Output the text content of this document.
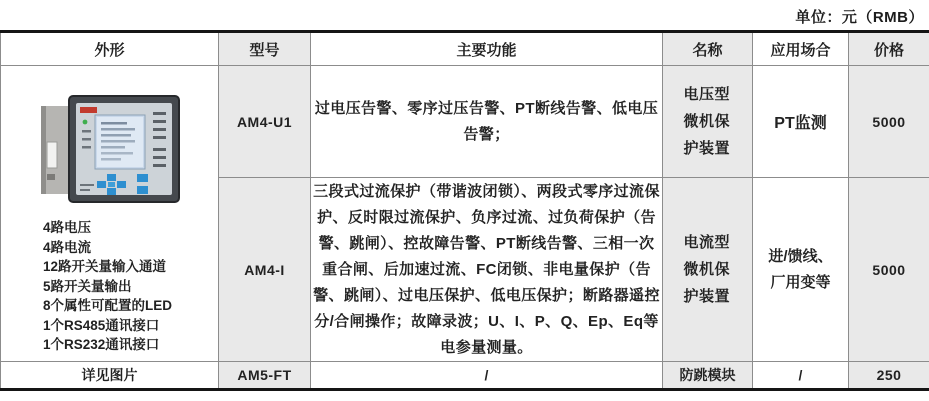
单位：元（RMB）
外形	型号	主要功能	名称	应用场合	价格

4路电压
4路电流
12路开关量输入通道
5路开关量输出
8个属性可配置的LED
1个RS485通讯接口
1个RS232通讯接口
	AM4-U1	过电压告警、零序过压告警、PT断线告警、低电压告警；	电压型微机保护装置	PT监测	5000
	AM4-I	三段式过流保护（带谐波闭锁）、两段式零序过流保护、反时限过流保护、负序过流、过负荷保护（告警、跳闸）、控故障告警、PT断线告警、三相一次重合闸、后加速过流、FC闭锁、非电量保护（告警、跳闸）、过电压保护、低电压保护；断路器遥控分/合闸操作；故障录波；U、I、P、Q、Ep、Eq等电参量测量。	电流型微机保护装置	进/馈线、厂用变等	5000
详见图片	AM5-FT	/	防跳模块	/	250
